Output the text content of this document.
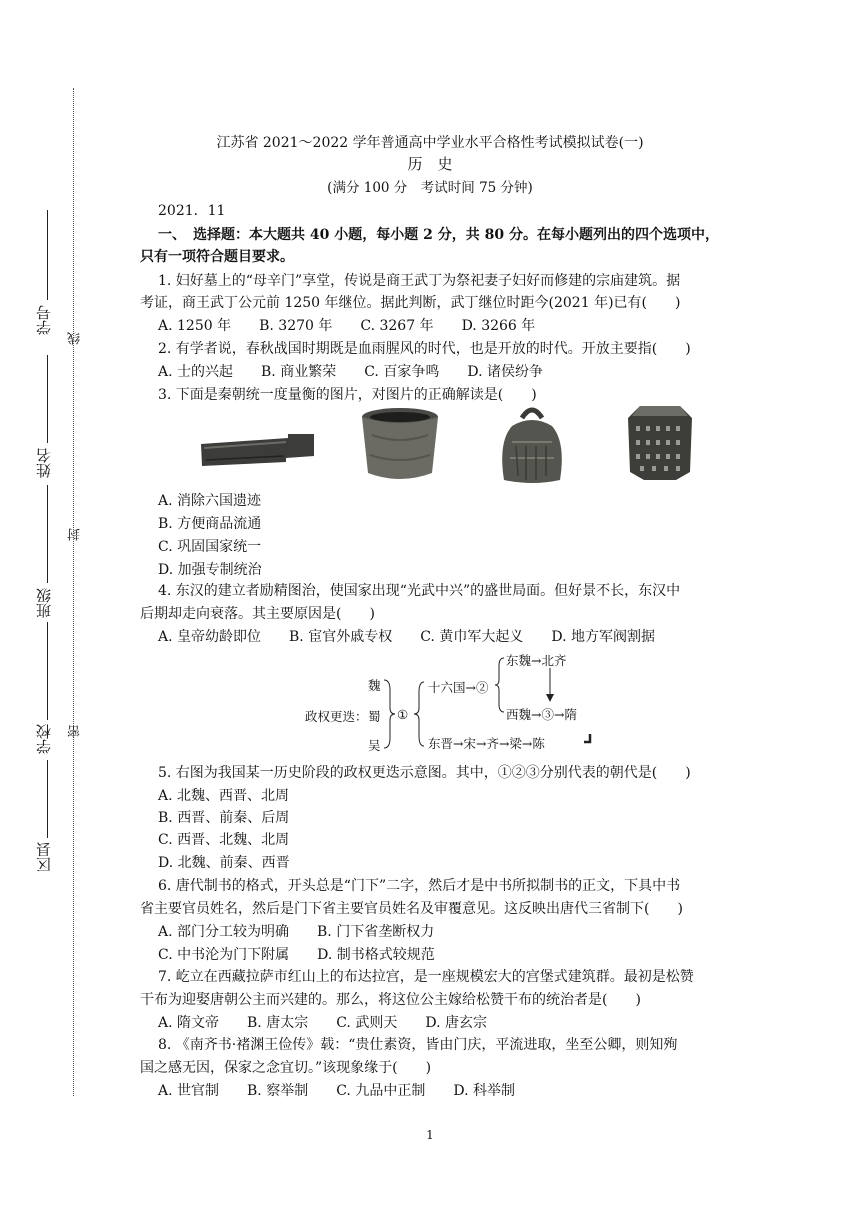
学号
线
姓名
封
班级
学校 密
区县
江苏省 2021～2022 学年普通高中学业水平合格性考试模拟试卷(一)
历　史
(满分 100 分　考试时间 75 分钟)
2021．11
一、　选择题：本大题共 40 小题，每小题 2 分，共 80 分。在每小题列出的四个选项中，
只有一项符合题目要求。
1. 妇好墓上的“母辛门”享堂，传说是商王武丁为祭祀妻子妇好而修建的宗庙建筑。据
考证，商王武丁公元前 1250 年继位。据此判断，武丁继位时距今(2021 年)已有(　　)
A. 1250 年 B. 3270 年 C. 3267 年 D. 3266 年
2. 有学者说，春秋战国时期既是血雨腥风的时代，也是开放的时代。开放主要指(　　)
A. 士的兴起 B. 商业繁荣 C. 百家争鸣 D. 诸侯纷争
3. 下面是秦朝统一度量衡的图片，对图片的正确解读是(　　)
A. 消除六国遗迹
B. 方便商品流通
C. 巩固国家统一
D. 加强专制统治
4. 东汉的建立者励精图治，使国家出现“光武中兴”的盛世局面。但好景不长，东汉中
后期却走向衰落。其主要原因是(　　)
A. 皇帝幼龄即位 B. 宦官外戚专权 C. 黄巾军大起义 D. 地方军阀割据
魏
政权更迭： 蜀
吴
①
十六国→②
东魏→北齐
西魏→③→隋
东晋→宋→齐→梁→陈
5. 右图为我国某一历史阶段的政权更迭示意图。其中，①②③分别代表的朝代是(　　)
A. 北魏、西晋、北周
B. 西晋、前秦、后周
C. 西晋、北魏、北周
D. 北魏、前秦、西晋
6. 唐代制书的格式，开头总是“门下”二字，然后才是中书所拟制书的正文，下具中书
省主要官员姓名，然后是门下省主要官员姓名及审覆意见。这反映出唐代三省制下(　　)
A. 部门分工较为明确 B. 门下省垄断权力
C. 中书沦为门下附属 D. 制书格式较规范
7. 屹立在西藏拉萨市红山上的布达拉宫，是一座规模宏大的宫堡式建筑群。最初是松赞
干布为迎娶唐朝公主而兴建的。那么，将这位公主嫁给松赞干布的统治者是(　　)
A. 隋文帝 B. 唐太宗 C. 武则天 D. 唐玄宗
8. 《南齐书·褚渊王俭传》载：“贵仕素资，皆由门庆，平流进取，坐至公卿，则知殉
国之感无因，保家之念宜切。”该现象缘于(　　)
A. 世官制 B. 察举制 C. 九品中正制 D. 科举制
1
